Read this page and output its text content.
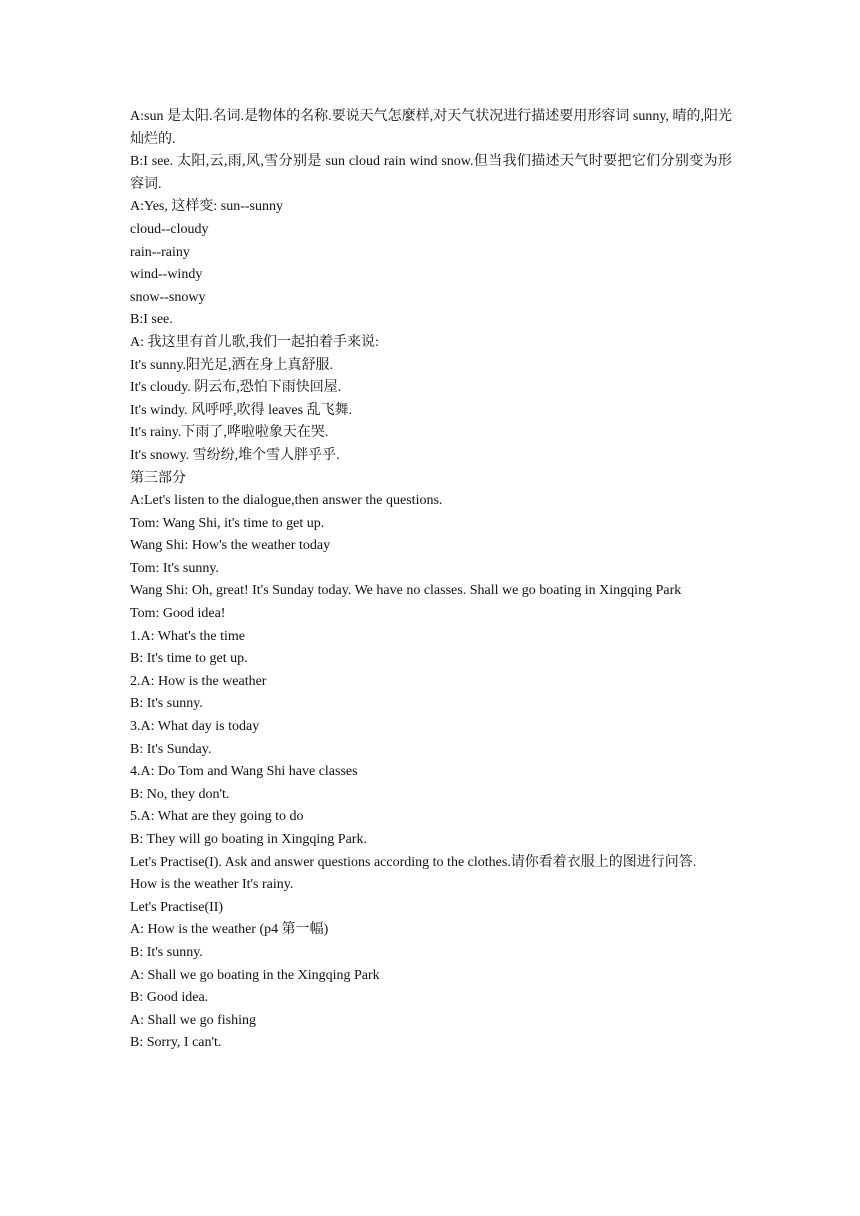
A:sun 是太阳.名词.是物体的名称.要说天气怎麼样,对天气状况进行描述要用形容词 sunny, 晴的,阳光灿烂的.

B:I see. 太阳,云,雨,风,雪分别是 sun cloud rain wind snow.但当我们描述天气时要把它们分别变为形容词.

A:Yes, 这样变: sun--sunny

cloud--cloudy

rain--rainy

wind--windy

snow--snowy

B:I see.

A: 我这里有首儿歌,我们一起拍着手来说:

It's sunny.阳光足,洒在身上真舒服.

It's cloudy. 阴云布,恐怕下雨快回屋.

It's windy. 风呼呼,吹得 leaves 乱飞舞.

It's rainy.下雨了,哗啦啦象天在哭.

It's snowy. 雪纷纷,堆个雪人胖乎乎.

第三部分

A:Let's listen to the dialogue,then answer the questions.

Tom: Wang Shi, it's time to get up.

Wang Shi: How's the weather today

Tom: It's sunny.

Wang Shi: Oh, great! It's Sunday today. We have no classes. Shall we go boating in Xingqing Park

Tom: Good idea!

1.A: What's the time

B: It's time to get up.

2.A: How is the weather

B: It's sunny.

3.A: What day is today

B: It's Sunday.

4.A: Do Tom and Wang Shi have classes

B: No, they don't.

5.A: What are they going to do

B: They will go boating in Xingqing Park.

Let's Practise(I). Ask and answer questions according to the clothes.请你看着衣服上的图进行问答.

How is the weather It's rainy.

Let's Practise(II)

A: How is the weather (p4 第一幅)

B: It's sunny.

A: Shall we go boating in the Xingqing Park

B: Good idea.

A: Shall we go fishing

B: Sorry, I can't.
